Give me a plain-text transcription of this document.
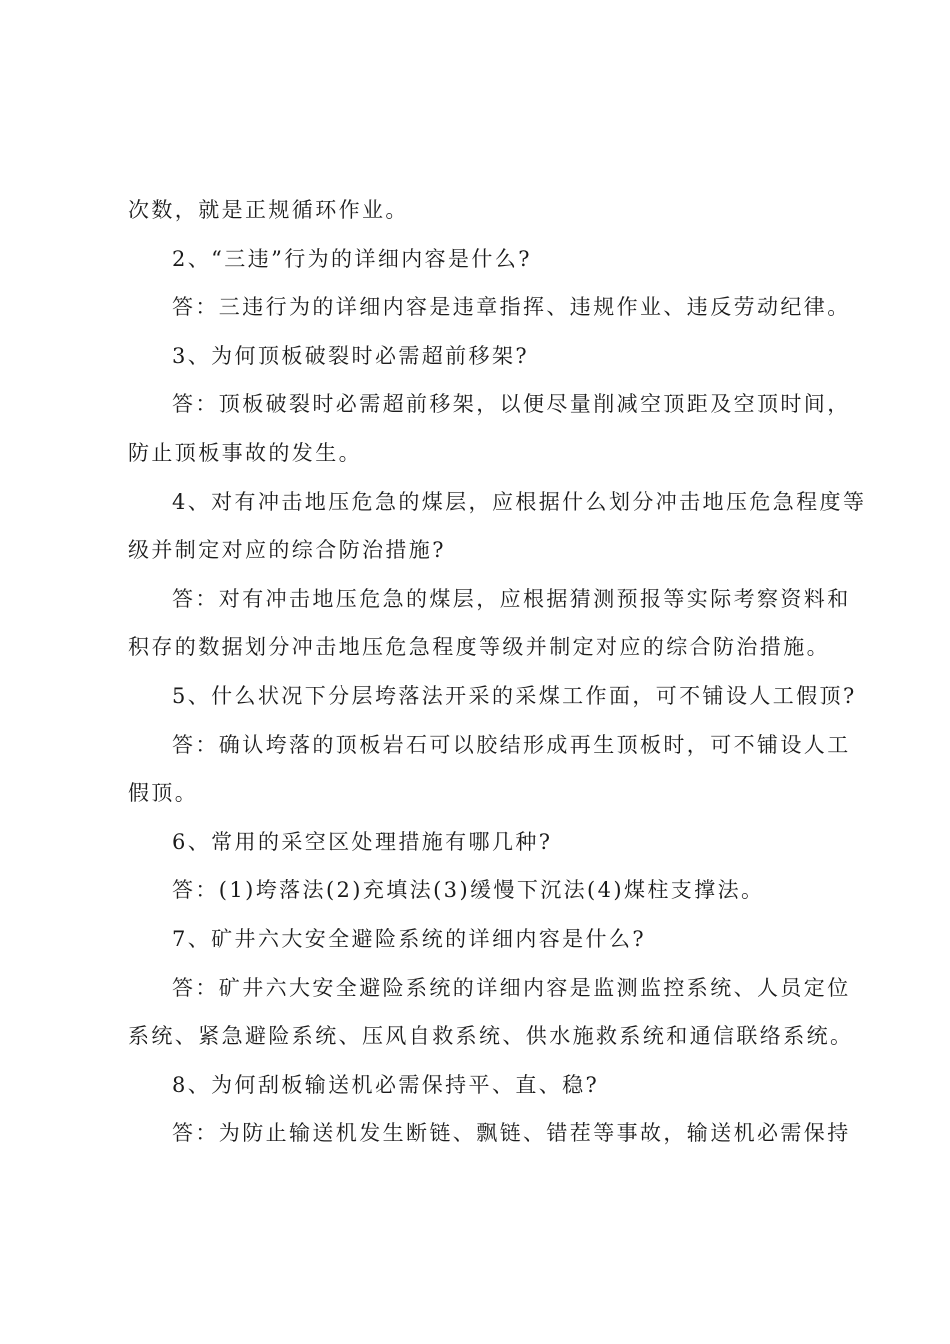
次数，就是正规循环作业。
2、“三违”行为的详细内容是什么?
答：三违行为的详细内容是违章指挥、违规作业、违反劳动纪律。
3、为何顶板破裂时必需超前移架?
答：顶板破裂时必需超前移架，以便尽量削减空顶距及空顶时间，
防止顶板事故的发生。
4、对有冲击地压危急的煤层，应根据什么划分冲击地压危急程度等
级并制定对应的综合防治措施?
答：对有冲击地压危急的煤层，应根据猜测预报等实际考察资料和
积存的数据划分冲击地压危急程度等级并制定对应的综合防治措施。
5、什么状况下分层垮落法开采的采煤工作面，可不铺设人工假顶?
答：确认垮落的顶板岩石可以胶结形成再生顶板时，可不铺设人工
假顶。
6、常用的采空区处理措施有哪几种?
答：(1)垮落法(2)充填法(3)缓慢下沉法(4)煤柱支撑法。
7、矿井六大安全避险系统的详细内容是什么?
答：矿井六大安全避险系统的详细内容是监测监控系统、人员定位
系统、紧急避险系统、压风自救系统、供水施救系统和通信联络系统。
8、为何刮板输送机必需保持平、直、稳?
答：为防止输送机发生断链、飘链、错茬等事故，输送机必需保持
